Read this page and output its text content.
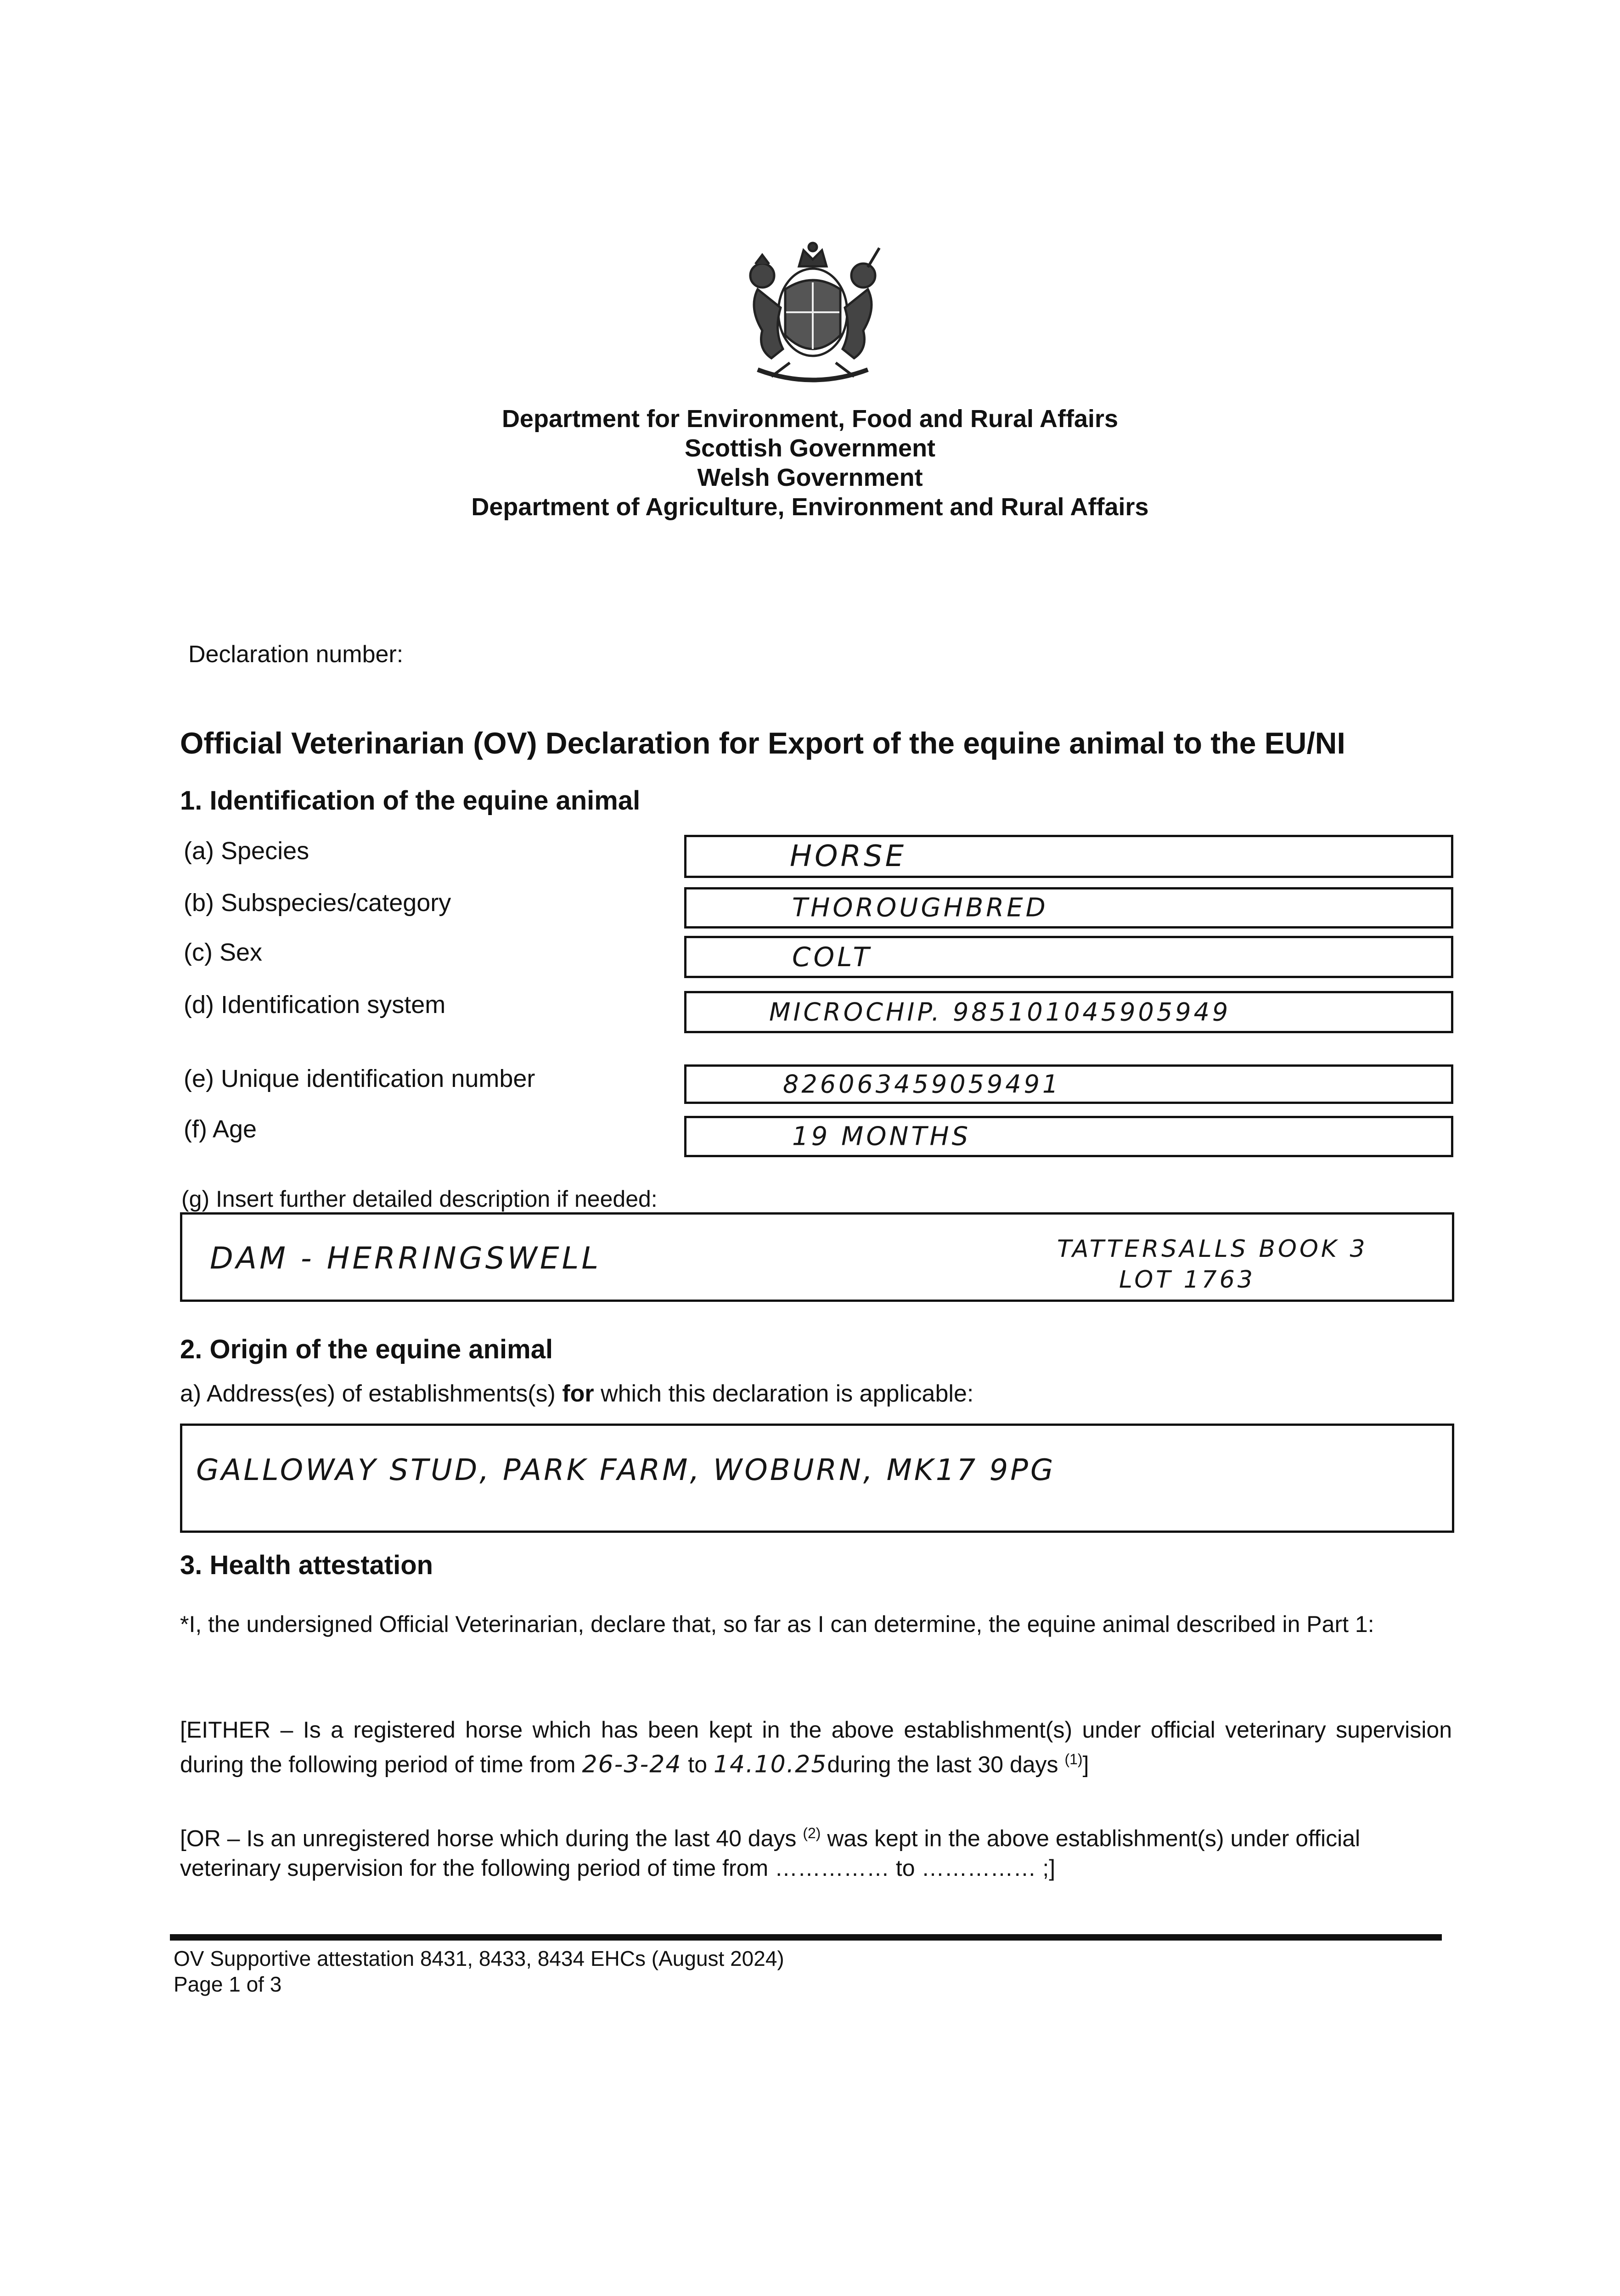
Department for Environment, Food and Rural Affairs
Scottish Government
Welsh Government
Department of Agriculture, Environment and Rural Affairs
Declaration number:
Official Veterinarian (OV) Declaration for Export of the equine animal to the EU/NI
1. Identification of the equine animal
(a) Species	HORSE
(b) Subspecies/category	THOROUGHBRED
(c) Sex	COLT
(d) Identification system	MICROCHIP. 985101045905949
(e) Unique identification number	826063459059491
(f) Age	19 MONTHS
(g) Insert further detailed description if needed:
DAM - HERRINGSWELL	TATTERSALLS BOOK 3
LOT 1763
2. Origin of the equine animal
a) Address(es) of establishments(s) for which this declaration is applicable:
GALLOWAY STUD, PARK FARM, WOBURN, MK17 9PG
3. Health attestation
*I, the undersigned Official Veterinarian, declare that, so far as I can determine, the equine animal described in Part 1:
[EITHER – Is a registered horse which has been kept in the above establishment(s) under official veterinary supervision during the following period of time from 26-3-24 to 14.10.25during the last 30 days $^{(1)}$]
[OR – Is an unregistered horse which during the last 40 days $^{(2)}$ was kept in the above establishment(s) under official veterinary supervision for the following period of time from …………… to …………… ;]
OV Supportive attestation 8431, 8433, 8434 EHCs (August 2024)
Page 1 of 3
